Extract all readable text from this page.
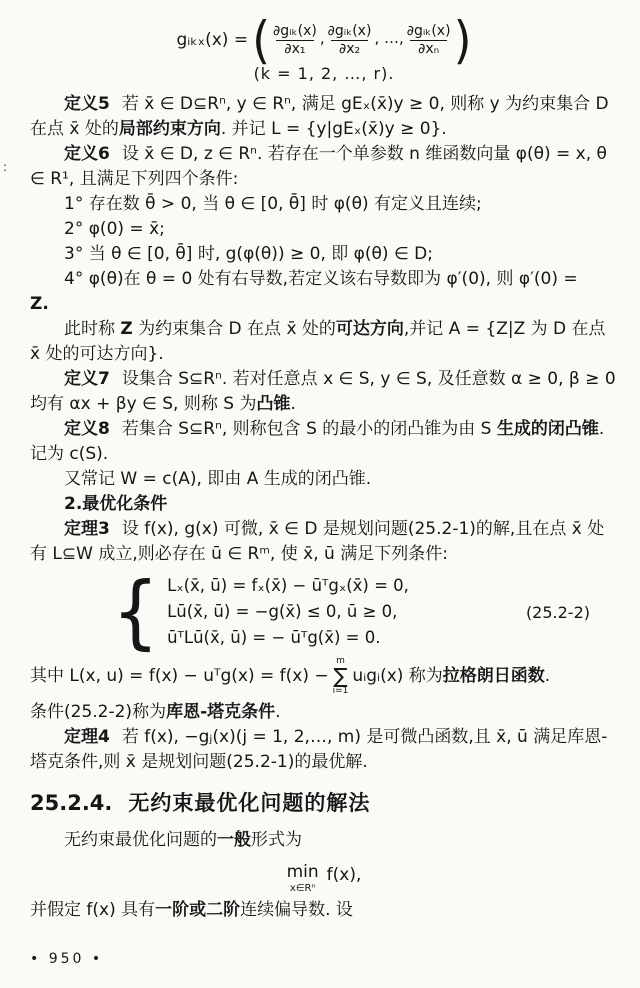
:
gᵢₖₓ(x) = ( $\frac{\text{∂gᵢₖ(x)}}{\text{∂x₁}}$ , $\frac{\text{∂gᵢₖ(x)}}{\text{∂x₂}}$ , …, $\frac{\text{∂gᵢₖ(x)}}{\text{∂xₙ}}$ )
(k = 1, 2, …, r).

定义5 若 x̄ ∈ D⊆Rⁿ, y ∈ Rⁿ, 满足 gEₓ(x̄)y ≥ 0, 则称 y 为约束集合 D 在点 x̄ 处的局部约束方向. 并记 L = {y|gEₓ(x̄)y ≥ 0}.

定义6 设 x̄ ∈ D, z ∈ Rⁿ. 若存在一个单参数 n 维函数向量 φ(θ) = x, θ ∈ R¹, 且满足下列四个条件:

1° 存在数 θ̄ > 0, 当 θ ∈ [0, θ̄] 时 φ(θ) 有定义且连续;

2° φ(0) = x̄;

3° 当 θ ∈ [0, θ̄] 时, g(φ(θ)) ≥ 0, 即 φ(θ) ∈ D;

4° φ(θ)在 θ = 0 处有右导数,若定义该右导数即为 φ′(0), 则 φ′(0) =

Z.

此时称 Z 为约束集合 D 在点 x̄ 处的可达方向,并记 A = {Z|Z 为 D 在点 x̄ 处的可达方向}.

定义7 设集合 S⊆Rⁿ. 若对任意点 x ∈ S, y ∈ S, 及任意数 α ≥ 0, β ≥ 0 均有 αx + βy ∈ S, 则称 S 为凸锥.

定义8 若集合 S⊆Rⁿ, 则称包含 S 的最小的闭凸锥为由 S 生成的闭凸锥. 记为 c(S).

又常记 W = c(A), 即由 A 生成的闭凸锥.

2.最优化条件

定理3 设 f(x), g(x) 可微, x̄ ∈ D 是规划问题(25.2-1)的解,且在点 x̄ 处有 L⊆W 成立,则必存在 ū ∈ Rᵐ, 使 x̄, ū 满足下列条件:

{ Lₓ(x̄, ū) = fₓ(x̄) − ūᵀgₓ(x̄) = 0,
Lū(x̄, ū) = −g(x̄) ≤ 0, ū ≥ 0,
ūᵀLū(x̄, ū) = − ūᵀg(x̄) = 0.
(25.2-2)
其中 L(x, u) = f(x) − uᵀg(x) = f(x) −
m
∑
i=1
uᵢgᵢ(x) 称为 拉格朗日函数 .

条件(25.2-2)称为库恩-塔克条件.

定理4 若 f(x), −gⱼ(x)(j = 1, 2,…, m) 是可微凸函数,且 x̄, ū 满足库恩-塔克条件,则 x̄ 是规划问题(25.2-1)的最优解.

25.2.4. 无约束最优化问题的解法

无约束最优化问题的一般形式为

min
x∈Rⁿ
f(x),

并假定 f(x) 具有一阶或二阶连续偏导数. 设

• 950 •
